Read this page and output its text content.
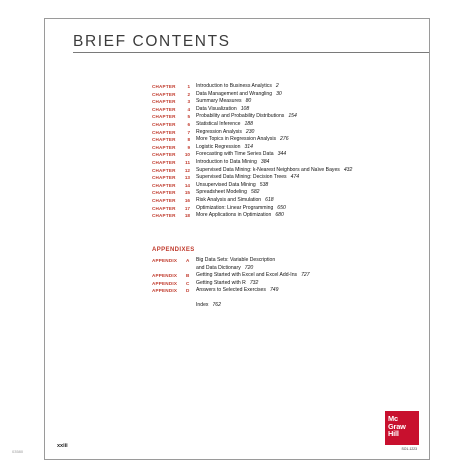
BRIEF CONTENTS
CHAPTER	1 Introduction to Business Analytics 2
CHAPTER	2 Data Management and Wrangling 30
CHAPTER	3 Summary Measures 80
CHAPTER	4 Data Visualization 108
CHAPTER	5 Probability and Probability Distributions 154
CHAPTER	6 Statistical Inference 188
CHAPTER	7 Regression Analysis 230
CHAPTER	8 More Topics in Regression Analysis 276
CHAPTER	9 Logistic Regression 314
CHAPTER	10 Forecasting with Time Series Data 344
CHAPTER	11 Introduction to Data Mining 384
CHAPTER	12 Supervised Data Mining: k-Nearest Neighbors and Naïve Bayes 432
CHAPTER	13 Supervised Data Mining: Decision Trees 474
CHAPTER	14 Unsupervised Data Mining 538
CHAPTER	15 Spreadsheet Modeling 582
CHAPTER	16 Risk Analysis and Simulation 618
CHAPTER	17 Optimization: Linear Programming 650
CHAPTER	18 More Applications in Optimization 680
APPENDIXES
APPENDIX A	Big Data Sets: Variable Description
and Data Dictionary 720
APPENDIX B	Getting Started with Excel and Excel Add-Ins 727
APPENDIX C	Getting Started with R 732
APPENDIX D	Answers to Selected Exercises 749
Index 762
xxiii
Mc
Graw
Hill
SO1-1223
03580
